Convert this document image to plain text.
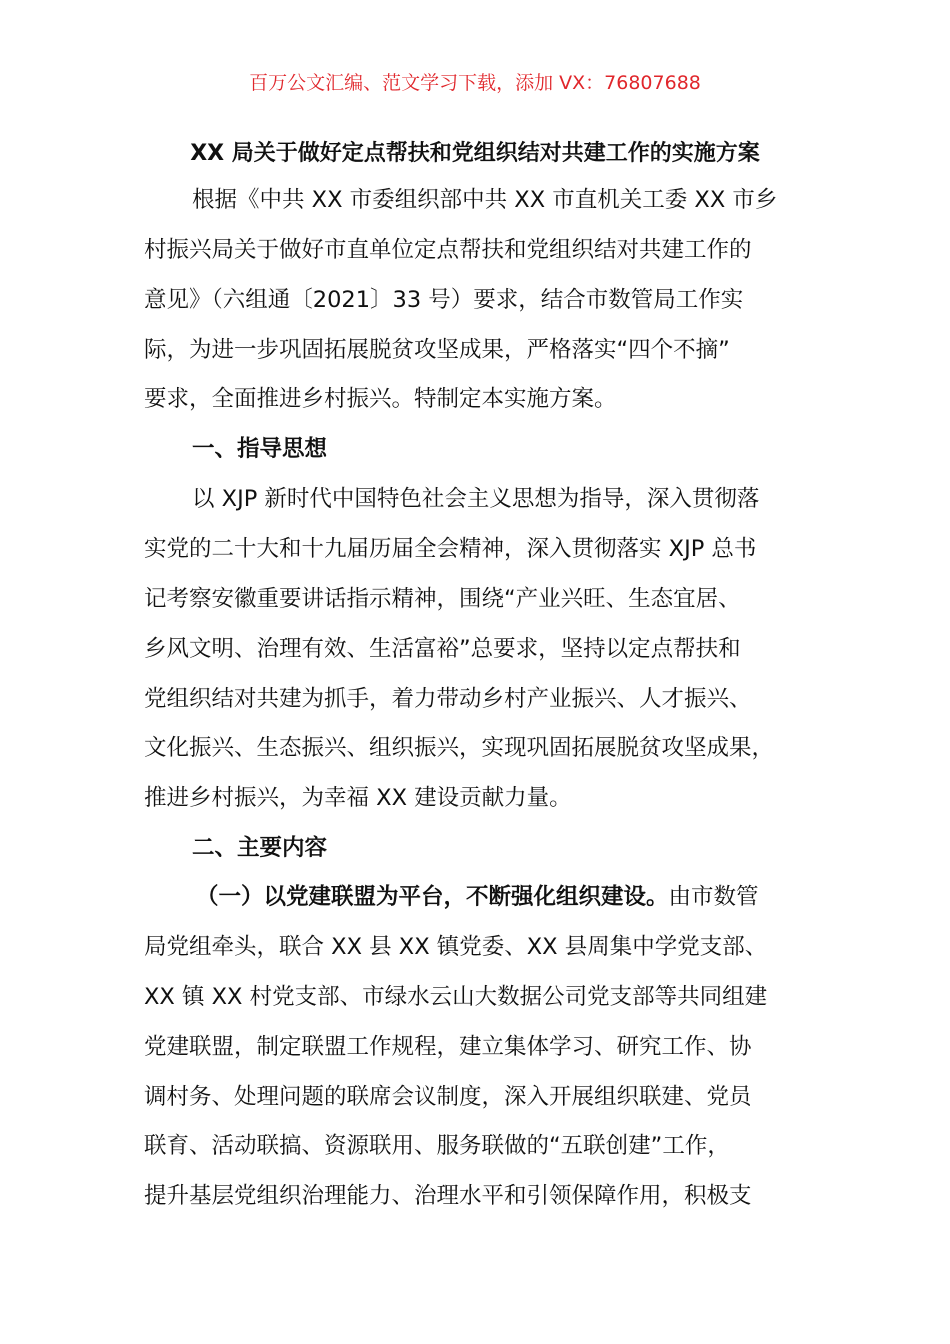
百万公文汇编、范文学习下载，添加 VX：76807688
XX 局关于做好定点帮扶和党组织结对共建工作的实施方案
根据《中共 XX 市委组织部中共 XX 市直机关工委 XX 市乡
村振兴局关于做好市直单位定点帮扶和党组织结对共建工作的
意见》（六组通〔2021〕33 号）要求，结合市数管局工作实
际，为进一步巩固拓展脱贫攻坚成果，严格落实“四个不摘”
要求，全面推进乡村振兴。特制定本实施方案。
一、指导思想
以 XJP 新时代中国特色社会主义思想为指导，深入贯彻落
实党的二十大和十九届历届全会精神，深入贯彻落实 XJP 总书
记考察安徽重要讲话指示精神，围绕“产业兴旺、生态宜居、
乡风文明、治理有效、生活富裕”总要求，坚持以定点帮扶和
党组织结对共建为抓手，着力带动乡村产业振兴、人才振兴、
文化振兴、生态振兴、组织振兴，实现巩固拓展脱贫攻坚成果，
推进乡村振兴，为幸福 XX 建设贡献力量。
二、主要内容
（一）以党建联盟为平台，不断强化组织建设。由市数管
局党组牵头，联合 XX 县 XX 镇党委、XX 县周集中学党支部、
XX 镇 XX 村党支部、市绿水云山大数据公司党支部等共同组建
党建联盟，制定联盟工作规程，建立集体学习、研究工作、协
调村务、处理问题的联席会议制度，深入开展组织联建、党员
联育、活动联搞、资源联用、服务联做的“五联创建”工作，
提升基层党组织治理能力、治理水平和引领保障作用，积极支
